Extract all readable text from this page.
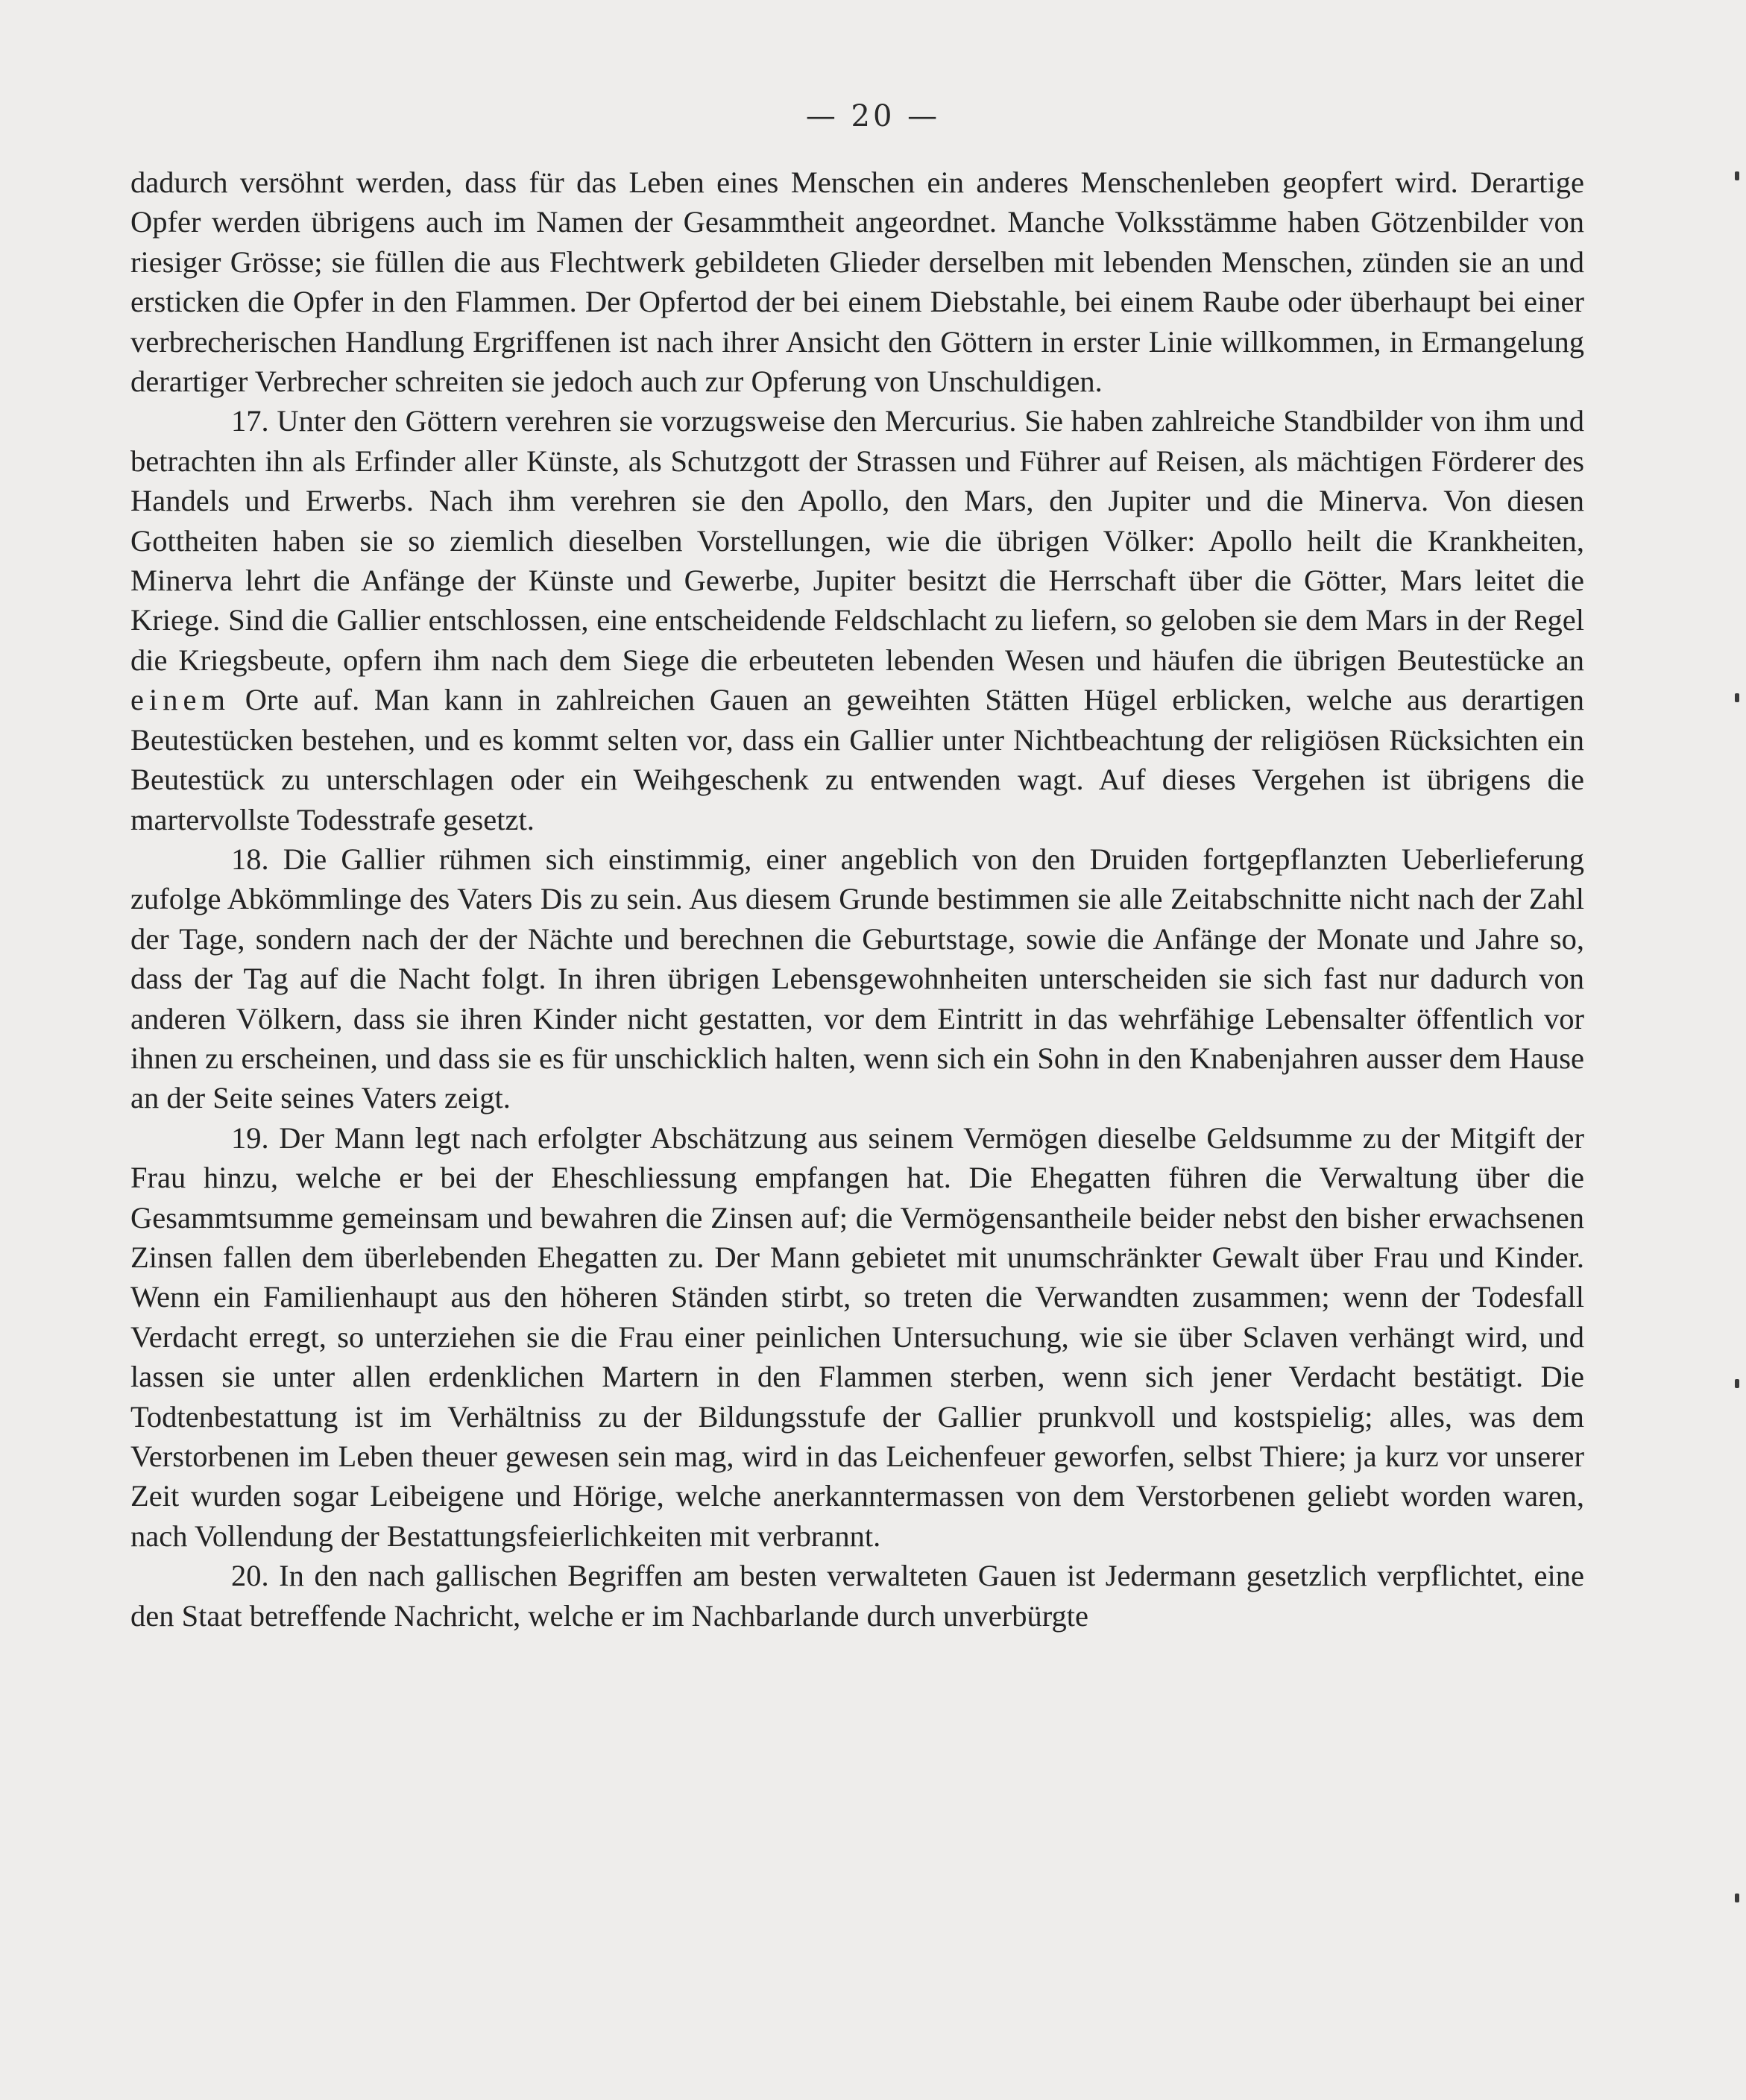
— 20 —

dadurch versöhnt werden, dass für das Leben eines Menschen ein anderes Menschenleben geopfert wird. Derartige Opfer werden übrigens auch im Namen der Gesammtheit angeordnet. Manche Volksstämme haben Götzenbilder von riesiger Grösse; sie füllen die aus Flechtwerk gebildeten Glieder derselben mit lebenden Menschen, zünden sie an und ersticken die Opfer in den Flammen. Der Opfertod der bei einem Diebstahle, bei einem Raube oder überhaupt bei einer verbrecherischen Handlung Ergriffenen ist nach ihrer Ansicht den Göttern in erster Linie willkommen, in Ermangelung derartiger Verbrecher schreiten sie jedoch auch zur Opferung von Unschuldigen.

17. Unter den Göttern verehren sie vorzugsweise den Mercurius. Sie haben zahlreiche Standbilder von ihm und betrachten ihn als Erfinder aller Künste, als Schutzgott der Strassen und Führer auf Reisen, als mächtigen Förderer des Handels und Erwerbs. Nach ihm verehren sie den Apollo, den Mars, den Jupiter und die Minerva. Von diesen Gottheiten haben sie so ziemlich dieselben Vorstellungen, wie die übrigen Völker: Apollo heilt die Krankheiten, Minerva lehrt die Anfänge der Künste und Gewerbe, Jupiter besitzt die Herrschaft über die Götter, Mars leitet die Kriege. Sind die Gallier entschlossen, eine entscheidende Feldschlacht zu liefern, so geloben sie dem Mars in der Regel die Kriegsbeute, opfern ihm nach dem Siege die erbeuteten lebenden Wesen und häufen die übrigen Beutestücke an einem Orte auf. Man kann in zahlreichen Gauen an geweihten Stätten Hügel erblicken, welche aus derartigen Beutestücken bestehen, und es kommt selten vor, dass ein Gallier unter Nichtbeachtung der religiösen Rücksichten ein Beutestück zu unterschlagen oder ein Weihgeschenk zu entwenden wagt. Auf dieses Vergehen ist übrigens die martervollste Todesstrafe gesetzt.

18. Die Gallier rühmen sich einstimmig, einer angeblich von den Druiden fortgepflanzten Ueberlieferung zufolge Abkömmlinge des Vaters Dis zu sein. Aus diesem Grunde bestimmen sie alle Zeitabschnitte nicht nach der Zahl der Tage, sondern nach der der Nächte und berechnen die Geburtstage, sowie die Anfänge der Monate und Jahre so, dass der Tag auf die Nacht folgt. In ihren übrigen Lebensgewohnheiten unterscheiden sie sich fast nur dadurch von anderen Völkern, dass sie ihren Kinder nicht gestatten, vor dem Eintritt in das wehrfähige Lebensalter öffentlich vor ihnen zu erscheinen, und dass sie es für unschicklich halten, wenn sich ein Sohn in den Knabenjahren ausser dem Hause an der Seite seines Vaters zeigt.

19. Der Mann legt nach erfolgter Abschätzung aus seinem Vermögen dieselbe Geldsumme zu der Mitgift der Frau hinzu, welche er bei der Eheschliessung empfangen hat. Die Ehegatten führen die Verwaltung über die Gesammtsumme gemeinsam und bewahren die Zinsen auf; die Vermögensantheile beider nebst den bisher erwachsenen Zinsen fallen dem überlebenden Ehegatten zu. Der Mann gebietet mit unumschränkter Gewalt über Frau und Kinder. Wenn ein Familienhaupt aus den höheren Ständen stirbt, so treten die Verwandten zusammen; wenn der Todesfall Verdacht erregt, so unterziehen sie die Frau einer peinlichen Untersuchung, wie sie über Sclaven verhängt wird, und lassen sie unter allen erdenklichen Martern in den Flammen sterben, wenn sich jener Verdacht bestätigt. Die Todtenbestattung ist im Verhältniss zu der Bildungsstufe der Gallier prunkvoll und kostspielig; alles, was dem Verstorbenen im Leben theuer gewesen sein mag, wird in das Leichenfeuer geworfen, selbst Thiere; ja kurz vor unserer Zeit wurden sogar Leibeigene und Hörige, welche anerkanntermassen von dem Verstorbenen geliebt worden waren, nach Vollendung der Bestattungsfeierlichkeiten mit verbrannt.

20. In den nach gallischen Begriffen am besten verwalteten Gauen ist Jedermann gesetzlich verpflichtet, eine den Staat betreffende Nachricht, welche er im Nachbarlande durch unverbürgte
